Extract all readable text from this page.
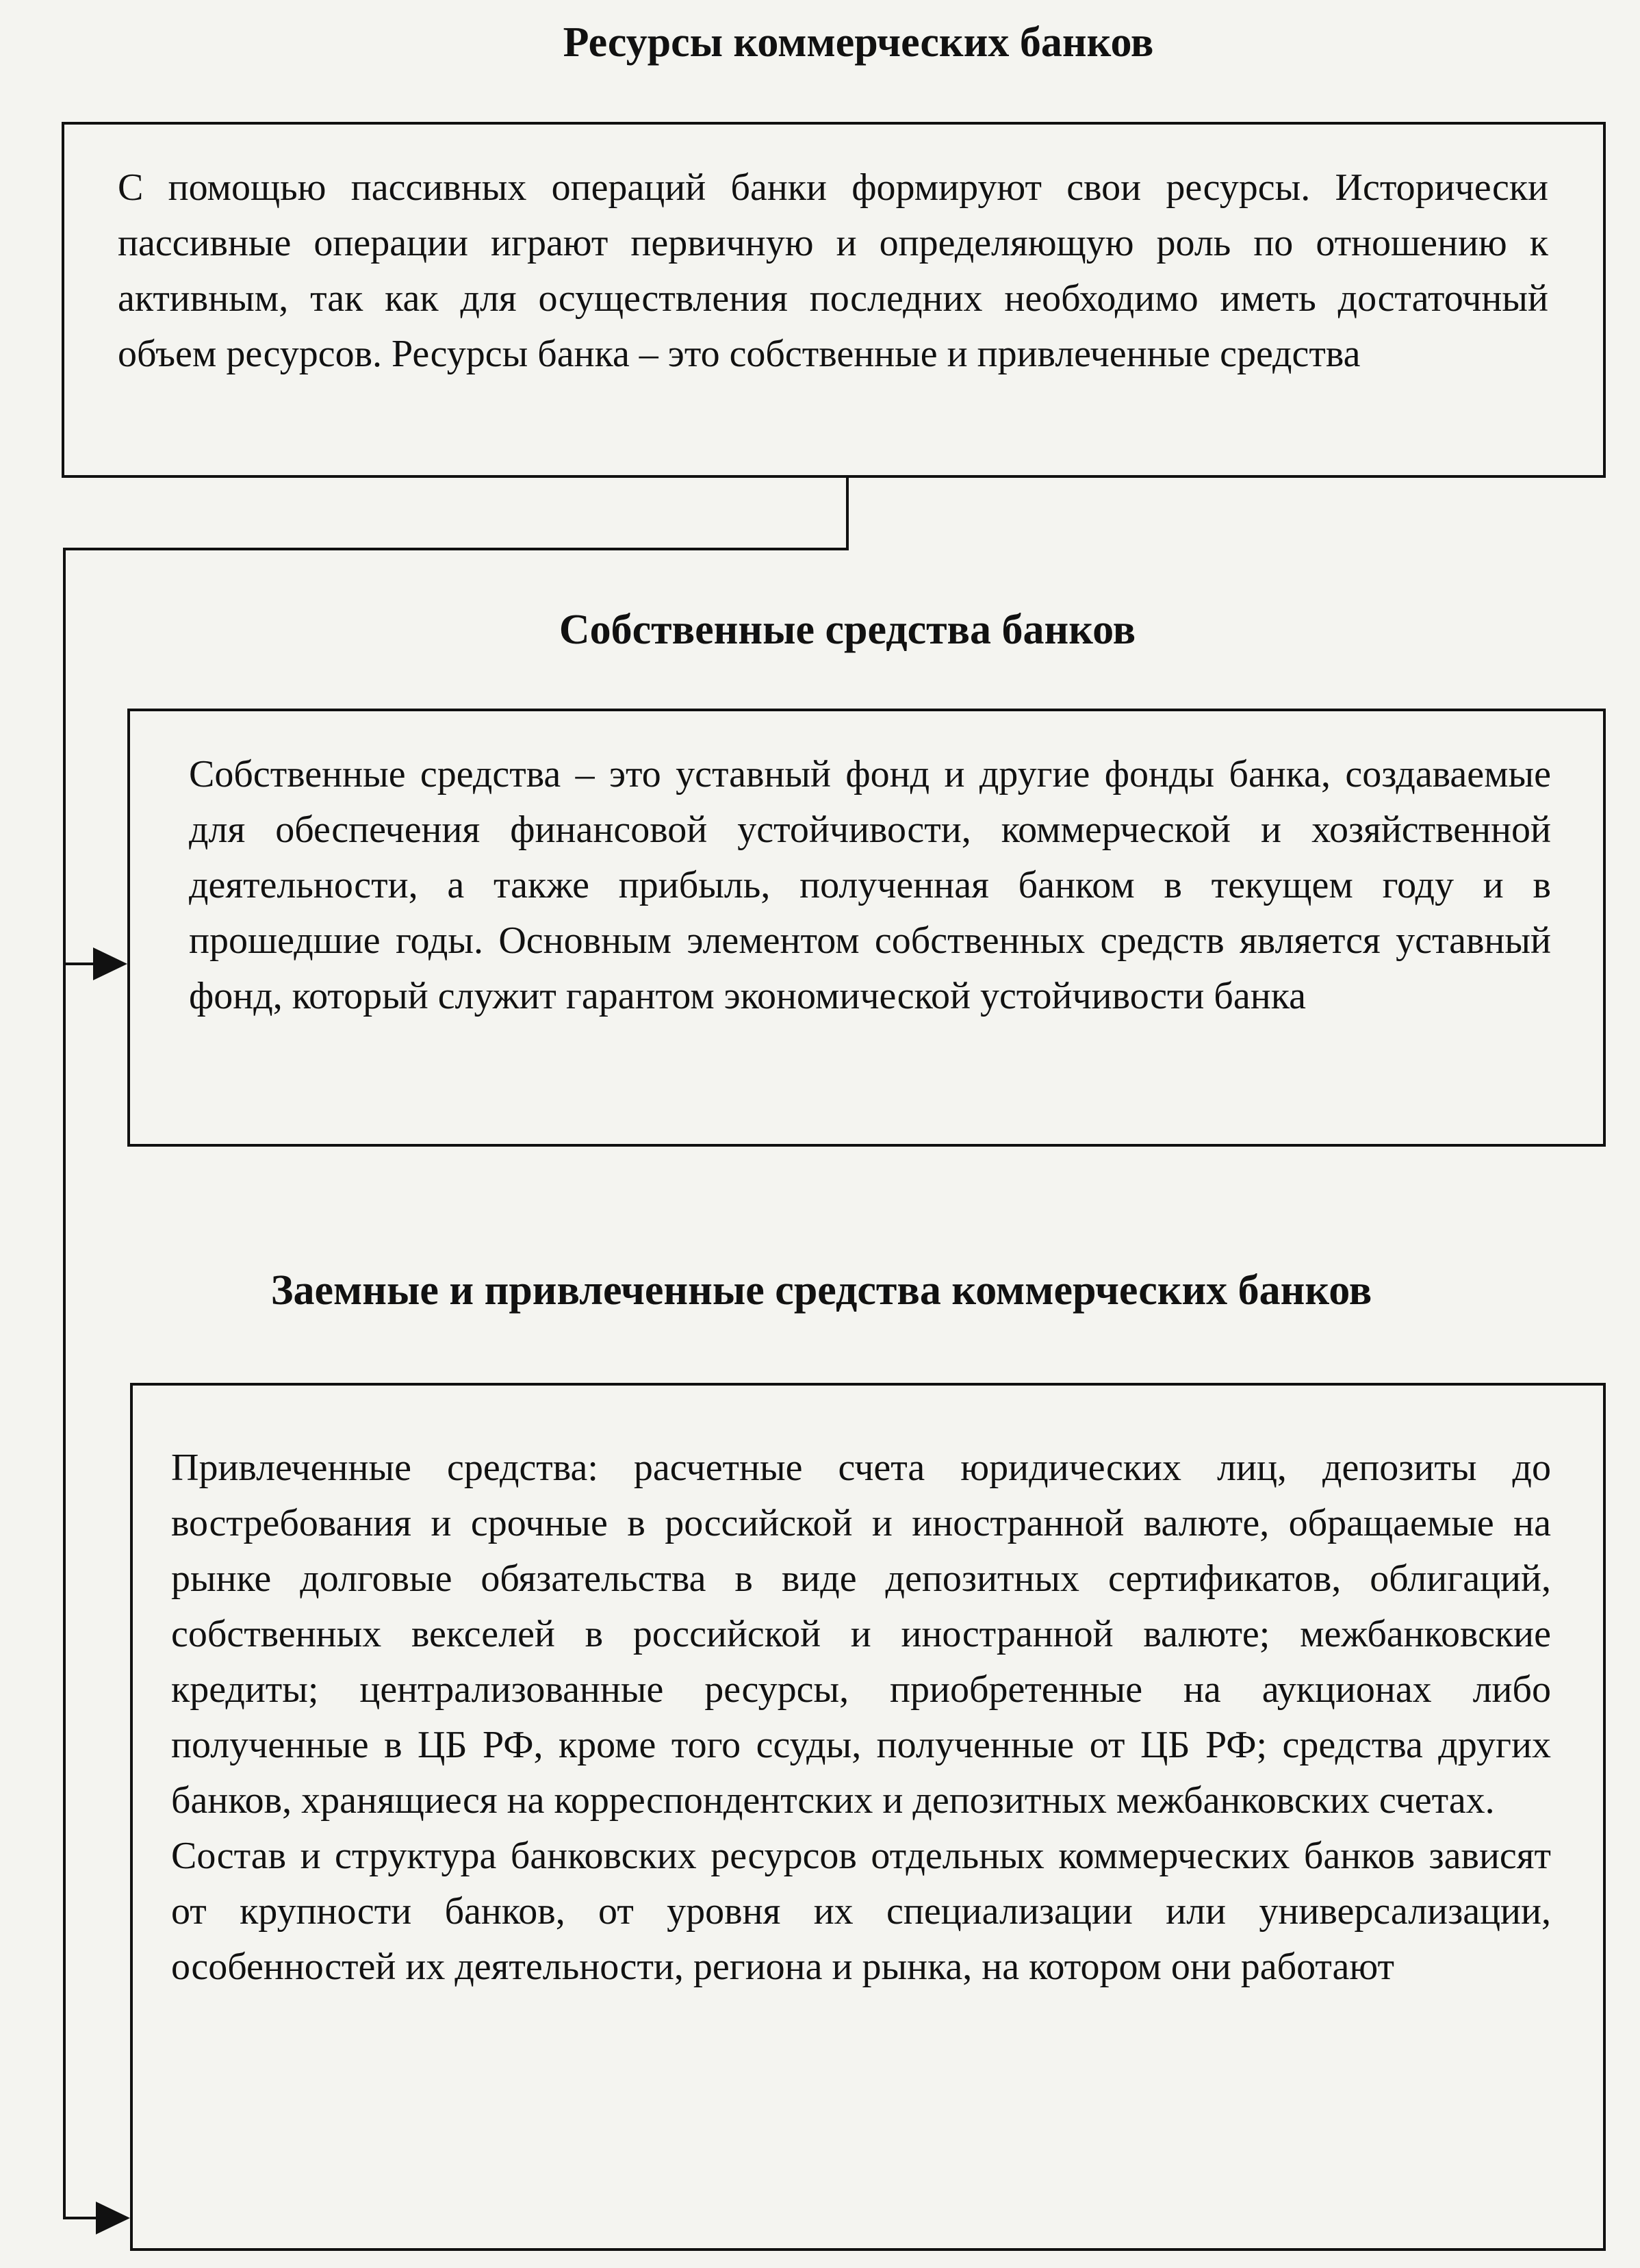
Ресурсы коммерческих банков

С помощью пассивных операций банки формируют свои ресурсы. Исторически пассивные операции играют первичную и определяющую роль по отношению к активным, так как для осуществления последних необходимо иметь достаточный объем ресурсов. Ресурсы банка – это собственные и привлеченные средства

Собственные средства банков

Собственные средства – это уставный фонд и другие фонды банка, создаваемые для обеспечения финансовой устойчивости, коммерческой и хозяйственной деятельности, а также прибыль, полученная банком в текущем году и в прошедшие годы. Основным элементом собственных средств является уставный фонд, который служит гарантом экономической устойчивости банка

Заемные и привлеченные средства коммерческих банков

Привлеченные средства: расчетные счета юридических лиц, депозиты до востребования и срочные в российской и иностранной валюте, обращаемые на рынке долговые обязательства в виде депозитных сертификатов, облигаций, собственных векселей в российской и иностранной валюте; межбанковские кредиты; централизованные ресурсы, приобретенные на аукционах либо полученные в ЦБ РФ, кроме того ссуды, полученные от ЦБ РФ; средства других банков, хранящиеся на корреспондентских и депозитных межбанковских счетах.

Состав и структура банковских ресурсов отдельных коммерческих банков зависят от крупности банков, от уровня их специализации или универсализации, особенностей их деятельности, региона и рынка, на котором они работают
